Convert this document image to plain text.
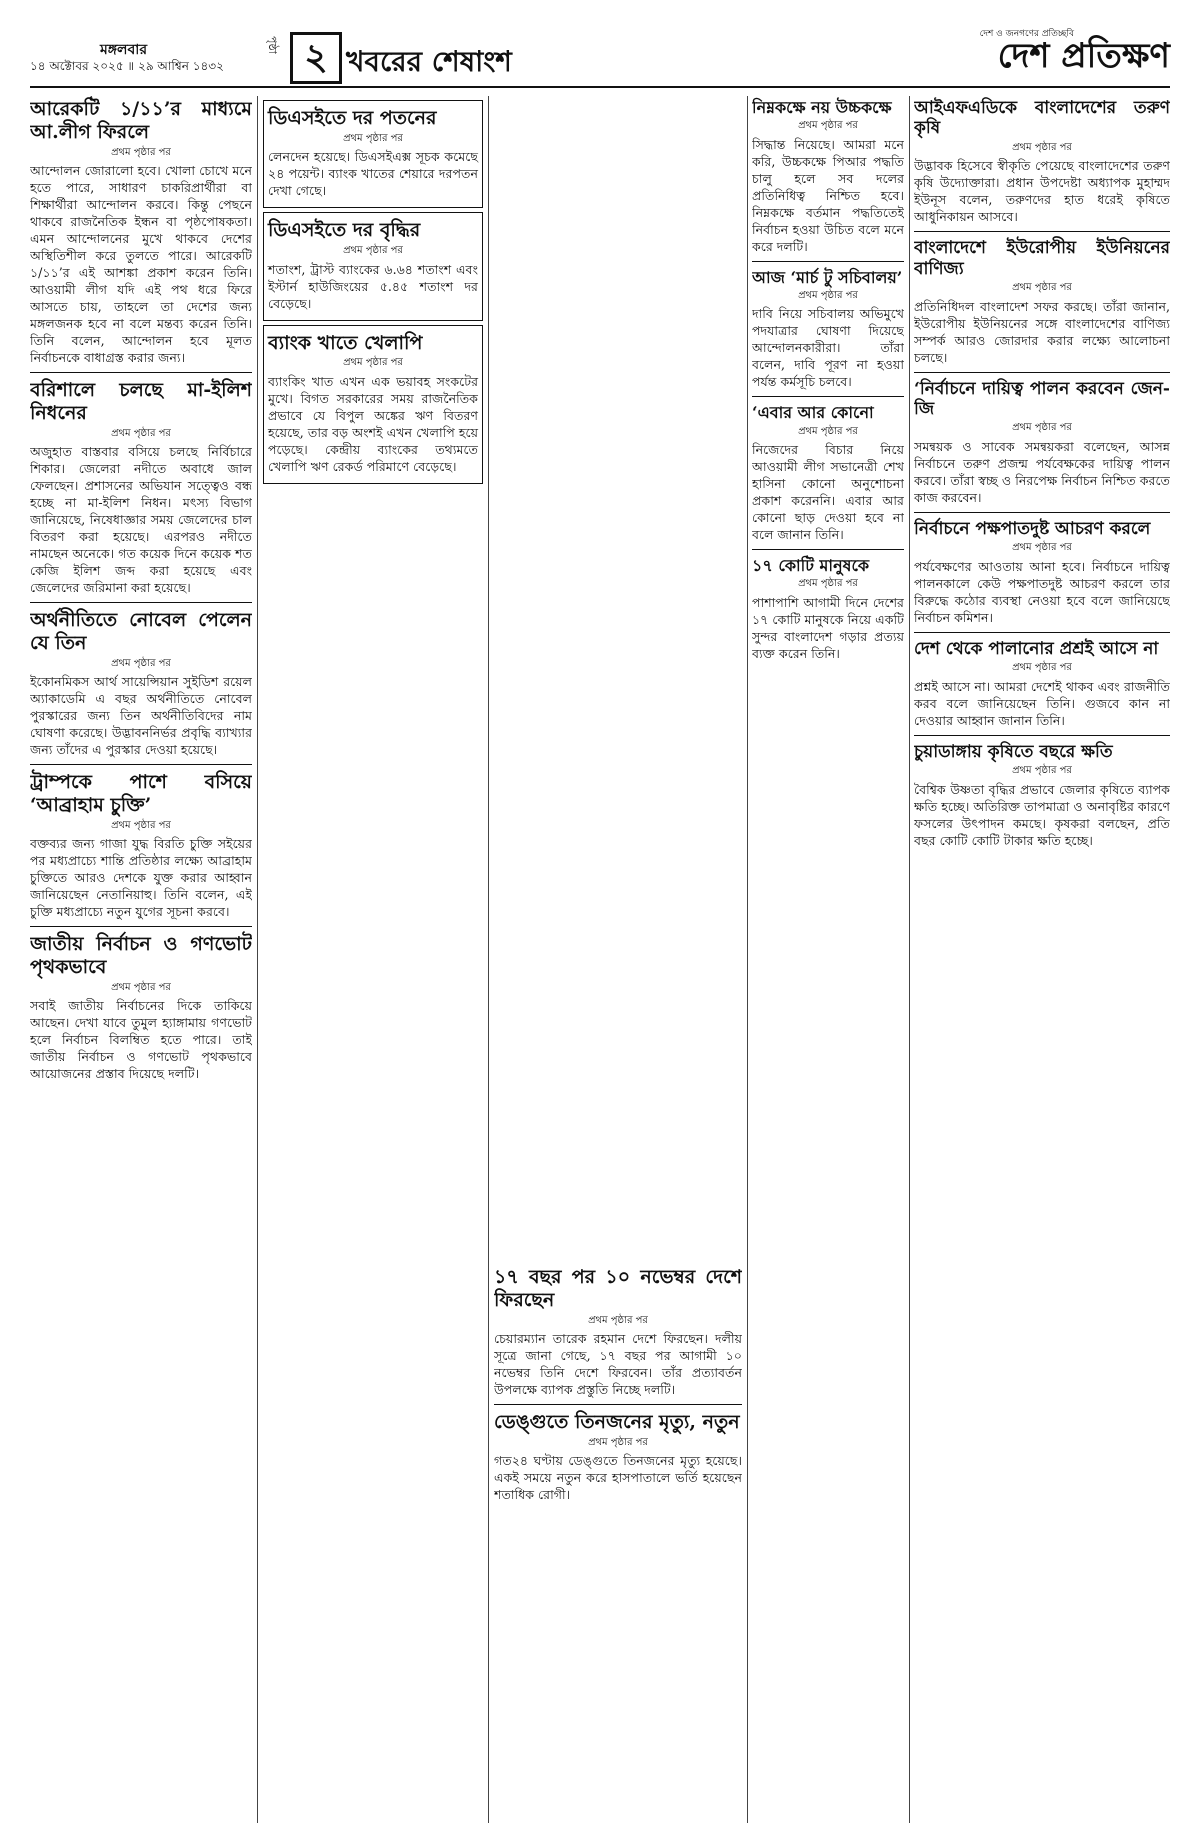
মঙ্গলবার
১৪ অক্টোবর ২০২৫ ॥ ২৯ আশ্বিন ১৪৩২
পৃষ্ঠা ২ খবরের শেষাংশ
দেশ ও জনগণের প্রতিচ্ছবি
দেশ প্রতিক্ষণ
আরেকটি ১/১১’র মাধ্যমে আ.লীগ ফিরলে
প্রথম পৃষ্ঠার পর

আন্দোলন জোরালো হবে। খোলা চোখে মনে হতে পারে, সাধারণ চাকরিপ্রার্থীরা বা শিক্ষার্থীরা আন্দোলন করবে। কিন্তু পেছনে থাকবে রাজনৈতিক ইন্ধন বা পৃষ্ঠপোষকতা। এমন আন্দোলনের মুখে থাকবে দেশের অস্থিতিশীল করে তুলতে পারে। আরেকটি ১/১১’র এই আশঙ্কা প্রকাশ করেন তিনি। আওয়ামী লীগ যদি এই পথ ধরে ফিরে আসতে চায়, তাহলে তা দেশের জন্য মঙ্গলজনক হবে না বলে মন্তব্য করেন তিনি। তিনি বলেন, আন্দোলন হবে মূলত নির্বাচনকে বাধাগ্রস্ত করার জন্য।

বরিশালে চলছে মা-ইলিশ নিধনের
প্রথম পৃষ্ঠার পর

অজুহাত বাস্তবার বসিয়ে চলছে নির্বিচারে শিকার। জেলেরা নদীতে অবাধে জাল ফেলছেন। প্রশাসনের অভিযান সত্ত্বেও বন্ধ হচ্ছে না মা-ইলিশ নিধন। মৎস্য বিভাগ জানিয়েছে, নিষেধাজ্ঞার সময় জেলেদের চাল বিতরণ করা হয়েছে। এরপরও নদীতে নামছেন অনেকে। গত কয়েক দিনে কয়েক শত কেজি ইলিশ জব্দ করা হয়েছে এবং জেলেদের জরিমানা করা হয়েছে।

অর্থনীতিতে নোবেল পেলেন যে তিন
প্রথম পৃষ্ঠার পর

ইকোনমিকস আর্থ সায়েন্সিয়ান সুইডিশ রয়েল অ্যাকাডেমি এ বছর অর্থনীতিতে নোবেল পুরস্কারের জন্য তিন অর্থনীতিবিদের নাম ঘোষণা করেছে। উদ্ভাবননির্ভর প্রবৃদ্ধি ব্যাখ্যার জন্য তাঁদের এ পুরস্কার দেওয়া হয়েছে।

ট্রাম্পকে পাশে বসিয়ে ‘আব্রাহাম চুক্তি’
প্রথম পৃষ্ঠার পর

বক্তব্যর জন্য গাজা যুদ্ধ বিরতি চুক্তি সইয়ের পর মধ্যপ্রাচ্যে শান্তি প্রতিষ্ঠার লক্ষ্যে আব্রাহাম চুক্তিতে আরও দেশকে যুক্ত করার আহ্বান জানিয়েছেন নেতানিয়াহু। তিনি বলেন, এই চুক্তি মধ্যপ্রাচ্যে নতুন যুগের সূচনা করবে।

জাতীয় নির্বাচন ও গণভোট পৃথকভাবে
প্রথম পৃষ্ঠার পর

সবাই জাতীয় নির্বাচনের দিকে তাকিয়ে আছেন। দেখা যাবে তুমুল হ্যাঙ্গামায় গণভোট হলে নির্বাচন বিলম্বিত হতে পারে। তাই জাতীয় নির্বাচন ও গণভোট পৃথকভাবে আয়োজনের প্রস্তাব দিয়েছে দলটি।

ডিএসইতে দর পতনের
প্রথম পৃষ্ঠার পর

লেনদেন হয়েছে। ডিএসইএক্স সূচক কমেছে ২৪ পয়েন্ট। ব্যাংক খাতের শেয়ারে দরপতন দেখা গেছে।

ডিএসইতে দর বৃদ্ধির
প্রথম পৃষ্ঠার পর

শতাংশ, ট্রাস্ট ব্যাংকের ৬.৬৪ শতাংশ এবং ইস্টার্ন হাউজিংয়ের ৫.৪৫ শতাংশ দর বেড়েছে।

ব্যাংক খাতে খেলাপি
প্রথম পৃষ্ঠার পর

ব্যাংকিং খাত এখন এক ভয়াবহ সংকটের মুখে। বিগত সরকারের সময় রাজনৈতিক প্রভাবে যে বিপুল অঙ্কের ঋণ বিতরণ হয়েছে, তার বড় অংশই এখন খেলাপি হয়ে পড়েছে। কেন্দ্রীয় ব্যাংকের তথ্যমতে খেলাপি ঋণ রেকর্ড পরিমাণে বেড়েছে।

১৭ বছর পর ১০ নভেম্বর দেশে ফিরছেন
প্রথম পৃষ্ঠার পর

চেয়ারম্যান তারেক রহমান দেশে ফিরছেন। দলীয় সূত্রে জানা গেছে, ১৭ বছর পর আগামী ১০ নভেম্বর তিনি দেশে ফিরবেন। তাঁর প্রত্যাবর্তন উপলক্ষে ব্যাপক প্রস্তুতি নিচ্ছে দলটি।

ডেঙ্গুতে তিনজনের মৃত্যু, নতুন
প্রথম পৃষ্ঠার পর

গত২৪ ঘণ্টায় ডেঙ্গুতে তিনজনের মৃত্যু হয়েছে। একই সময়ে নতুন করে হাসপাতালে ভর্তি হয়েছেন শতাধিক রোগী।

নিম্নকক্ষে নয় উচ্চকক্ষে
প্রথম পৃষ্ঠার পর

সিদ্ধান্ত নিয়েছে। আমরা মনে করি, উচ্চকক্ষে পিআর পদ্ধতি চালু হলে সব দলের প্রতিনিধিত্ব নিশ্চিত হবে। নিম্নকক্ষে বর্তমান পদ্ধতিতেই নির্বাচন হওয়া উচিত বলে মনে করে দলটি।

আজ ‘মার্চ টু সচিবালয়’
প্রথম পৃষ্ঠার পর

দাবি নিয়ে সচিবালয় অভিমুখে পদযাত্রার ঘোষণা দিয়েছে আন্দোলনকারীরা। তাঁরা বলেন, দাবি পূরণ না হওয়া পর্যন্ত কর্মসূচি চলবে।

‘এবার আর কোনো
প্রথম পৃষ্ঠার পর

নিজেদের বিচার নিয়ে আওয়ামী লীগ সভানেত্রী শেখ হাসিনা কোনো অনুশোচনা প্রকাশ করেননি। এবার আর কোনো ছাড় দেওয়া হবে না বলে জানান তিনি।

১৭ কোটি মানুষকে
প্রথম পৃষ্ঠার পর

পাশাপাশি আগামী দিনে দেশের ১৭ কোটি মানুষকে নিয়ে একটি সুন্দর বাংলাদেশ গড়ার প্রত্যয় ব্যক্ত করেন তিনি।

আইএফএডিকে বাংলাদেশের তরুণ কৃষি
প্রথম পৃষ্ঠার পর

উদ্ভাবক হিসেবে স্বীকৃতি পেয়েছে বাংলাদেশের তরুণ কৃষি উদ্যোক্তারা। প্রধান উপদেষ্টা অধ্যাপক মুহাম্মদ ইউনূস বলেন, তরুণদের হাত ধরেই কৃষিতে আধুনিকায়ন আসবে।

বাংলাদেশে ইউরোপীয় ইউনিয়নের বাণিজ্য
প্রথম পৃষ্ঠার পর

প্রতিনিধিদল বাংলাদেশ সফর করছে। তাঁরা জানান, ইউরোপীয় ইউনিয়নের সঙ্গে বাংলাদেশের বাণিজ্য সম্পর্ক আরও জোরদার করার লক্ষ্যে আলোচনা চলছে।

‘নির্বাচনে দায়িত্ব পালন করবেন জেন-জি
প্রথম পৃষ্ঠার পর

সমন্বয়ক ও সাবেক সমন্বয়করা বলেছেন, আসন্ন নির্বাচনে তরুণ প্রজন্ম পর্যবেক্ষকের দায়িত্ব পালন করবে। তাঁরা স্বচ্ছ ও নিরপেক্ষ নির্বাচন নিশ্চিত করতে কাজ করবেন।

নির্বাচনে পক্ষপাতদুষ্ট আচরণ করলে
প্রথম পৃষ্ঠার পর

পর্যবেক্ষণের আওতায় আনা হবে। নির্বাচনে দায়িত্ব পালনকালে কেউ পক্ষপাতদুষ্ট আচরণ করলে তার বিরুদ্ধে কঠোর ব্যবস্থা নেওয়া হবে বলে জানিয়েছে নির্বাচন কমিশন।

দেশ থেকে পালানোর প্রশ্রই আসে না
প্রথম পৃষ্ঠার পর

প্রশ্নই আসে না। আমরা দেশেই থাকব এবং রাজনীতি করব বলে জানিয়েছেন তিনি। গুজবে কান না দেওয়ার আহ্বান জানান তিনি।

চুয়াডাঙ্গায় কৃষিতে বছরে ক্ষতি
প্রথম পৃষ্ঠার পর

বৈশ্বিক উষ্ণতা বৃদ্ধির প্রভাবে জেলার কৃষিতে ব্যাপক ক্ষতি হচ্ছে। অতিরিক্ত তাপমাত্রা ও অনাবৃষ্টির কারণে ফসলের উৎপাদন কমছে। কৃষকরা বলছেন, প্রতি বছর কোটি কোটি টাকার ক্ষতি হচ্ছে।
